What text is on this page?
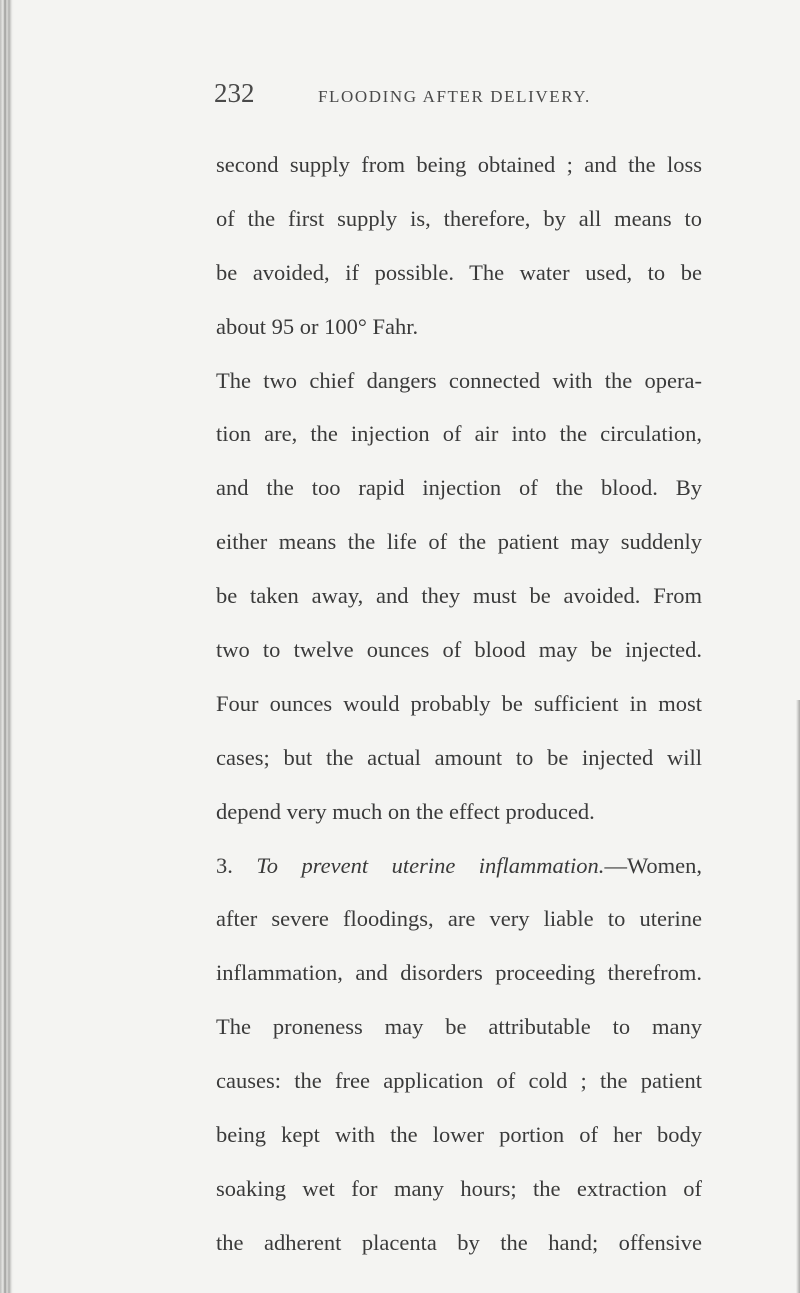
232	FLOODING AFTER DELIVERY.
second supply from being obtained ; and the loss
of the first supply is, therefore, by all means to
be avoided, if possible. The water used, to be
about 95 or 100° Fahr.
The two chief dangers connected with the opera-
tion are, the injection of air into the circulation,
and the too rapid injection of the blood. By
either means the life of the patient may suddenly
be taken away, and they must be avoided. From
two to twelve ounces of blood may be injected.
Four ounces would probably be sufficient in most
cases; but the actual amount to be injected will
depend very much on the effect produced.
3. To prevent uterine inflammation.—Women,
after severe floodings, are very liable to uterine
inflammation, and disorders proceeding therefrom.
The proneness may be attributable to many
causes: the free application of cold ; the patient
being kept with the lower portion of her body
soaking wet for many hours; the extraction of
the adherent placenta by the hand; offensive
